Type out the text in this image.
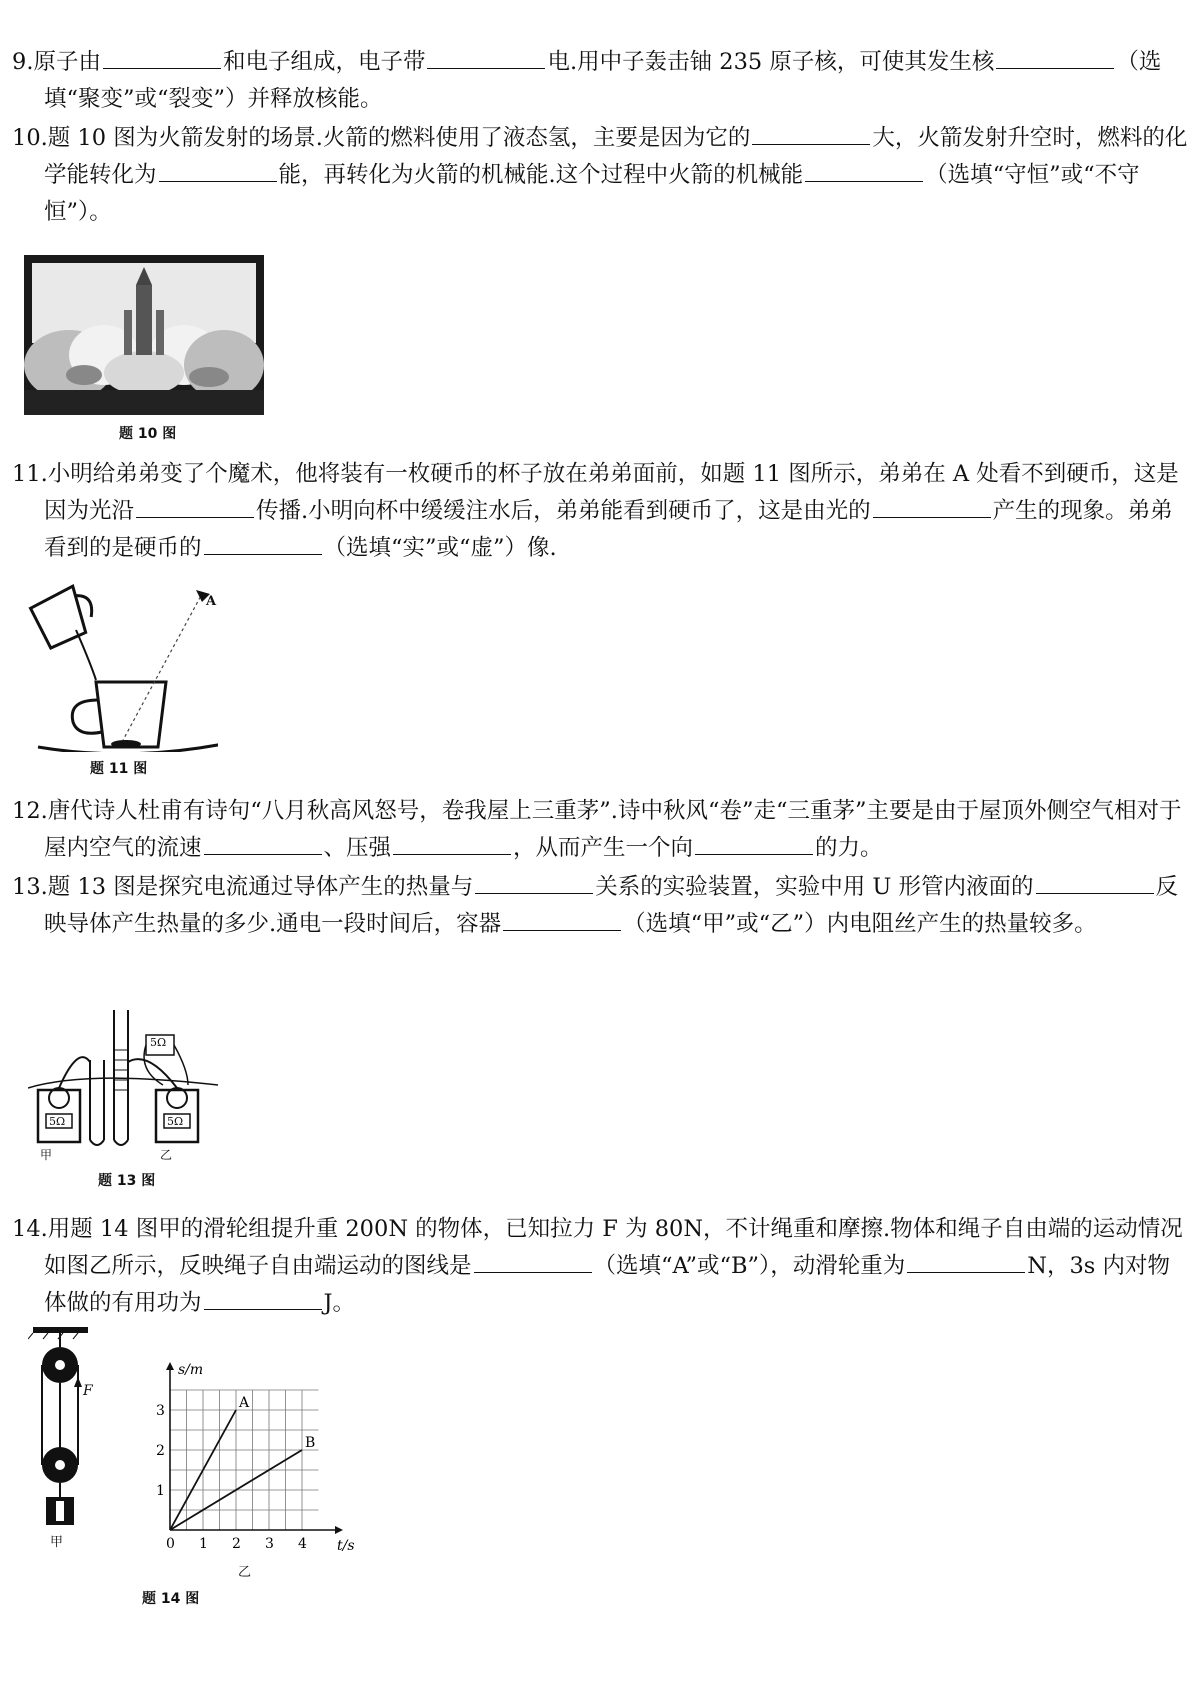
9.原子由	和电子组成，电子带	电.用中子轰击铀 235 原子核，可使其发生核	（选填“聚变”或“裂变”）并释放核能。
10.题 10 图为火箭发射的场景.火箭的燃料使用了液态氢，主要是因为它的	大，火箭发射升空时，燃料的化学能转化为	能，再转化为火箭的机械能.这个过程中火箭的机械能	（选填“守恒”或“不守恒”）。
题 10 图
11.小明给弟弟变了个魔术，他将装有一枚硬币的杯子放在弟弟面前，如题 11 图所示，弟弟在 A 处看不到硬币，这是因为光沿	传播.小明向杯中缓缓注水后，弟弟能看到硬币了，这是由光的	产生的现象。弟弟看到的是硬币的	（选填“实”或“虚”）像.
A
题 11 图
12.唐代诗人杜甫有诗句“八月秋高风怒号，卷我屋上三重茅”.诗中秋风“卷”走“三重茅”主要是由于屋顶外侧空气相对于屋内空气的流速	、压强	，从而产生一个向	的力。
13.题 13 图是探究电流通过导体产生的热量与	关系的实验装置，实验中用 U 形管内液面的	反映导体产生热量的多少.通电一段时间后，容器	（选填“甲”或“乙”）内电阻丝产生的热量较多。
5Ω
5Ω	5Ω
甲	乙
题 13 图
14.用题 14 图甲的滑轮组提升重 200N 的物体，已知拉力 F 为 80N，不计绳重和摩擦.物体和绳子自由端的运动情况如图乙所示，反映绳子自由端运动的图线是	（选填“A”或“B”），动滑轮重为	N，3s 内对物体做的有用功为	J。
F
甲	t/s
s/m
0 1 2 3 4
1
2
3	A
B
乙
题 14 图
